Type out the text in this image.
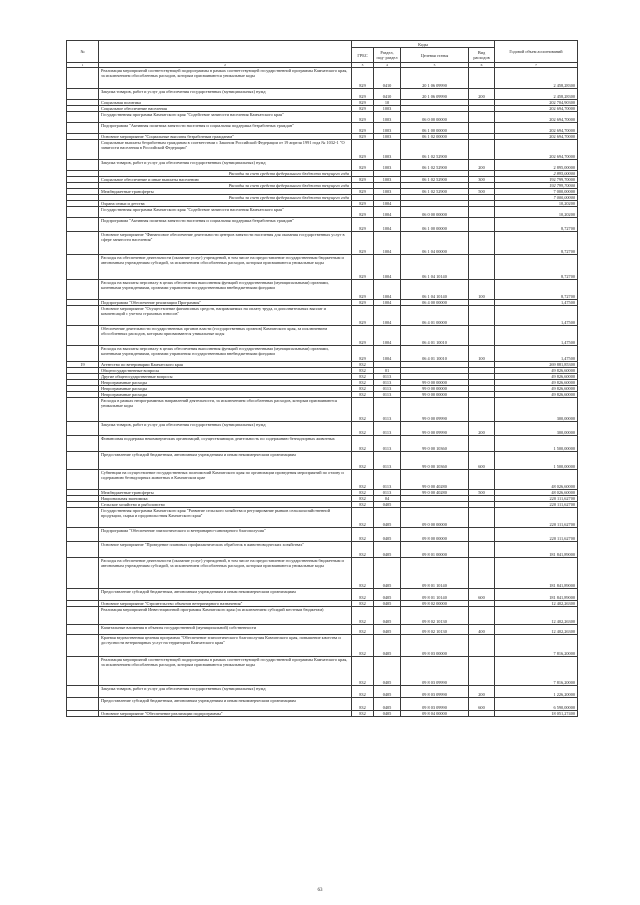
№		Коды				Годовой объем ассигнований
		ГРБС	Раздел, под- раздел	Целевая статья	Вид расходов	
1	2	3	4	5	6	7
	Реализация мероприятий соответствующей подпрограммы в рамках соответствующей государственной программы Камчатского края, за исключением обособленных расходов, которым присваиваются уникальные коды	829	0410	20 1 06 09990		2 458,28300
	Закупка товаров, работ и услуг для обеспечения государственных (муниципальных) нужд	829	0410	20 1 06 09990	200	2 458,28300
	Социальная политика	829	10			202 704,90300
	Социальное обеспечение населения	829	1003			202 694,70000
	Государственная программа Камчатского края "Содействие занятости населения Камчатского края"	829	1003	06 0 00 00000		202 694,70000
	Подпрограмма "Активная политика занятости населения и социальная поддержка безработных граждан"	829	1003	06 1 00 00000		202 694,70000
	Основное мероприятие "Социальные выплаты безработным гражданам"	829	1003	06 1 02 00000		202 694,70000
	Социальные выплаты безработным гражданам в соответствии с Законом Российской Федерации от 19 апреля 1991 года № 1032-1 "О занятости населения в Российской Федерации"	829	1003	06 1 02 52900		202 694,70000
	Закупка товаров, работ и услуг для обеспечения государственных (муниципальных) нужд	829	1003	06 1 02 52900	200	2 895,00000
	Расходы за счет средств федерального бюджета текущего года					2 895,00000
	Социальное обеспечение и иные выплаты населению	829	1003	06 1 02 52900	300	192 799,70000
	Расходы за счет средств федерального бюджета текущего года					192 799,70000
	Межбюджетные трансферты	829	1003	06 1 02 52900	500	7 000,00000
	Расходы за счет средств федерального бюджета текущего года					7 000,00000
	Охрана семьи и детства	829	1004			10,20200
	Государственная программа Камчатского края "Содействие занятости населения Камчатского края"	829	1004	06 0 00 00000		10,20200
	Подпрограмма "Активная политика занятости населения и социальная поддержка безработных граждан"	829	1004	06 1 00 00000		8,72700
	Основное мероприятие "Финансовое обеспечение деятельности центров занятости населения для оказания государственных услуг в сфере занятости населения"	829	1004	06 1 04 00000		8,72700
	Расходы на обеспечение деятельности (оказание услуг) учреждений, в том числе на предоставление государственным бюджетным и автономным учреждениям субсидий, за исключением обособленных расходов, которым присваиваются уникальные коды	829	1004	06 1 04 10140		8,72700
	Расходы на выплаты персоналу в целях обеспечения выполнения функций государственными (муниципальными) органами, казенными учреждениями, органами управления государственными внебюджетными фондами	829	1004	06 1 04 10140	100	8,72700
	Подпрограмма "Обеспечение реализации Программы"	829	1004	06 4 00 00000		1,47500
	Основное мероприятие "Осуществление финансовых средств, направляемых на оплату труда, и дополнительных выплат и компенсаций с учетом страховых взносов"	829	1004	06 4 01 00000		1,47500
	Обеспечение деятельности государственных органов власти (государственных органов) Камчатского края, за исключением обособленных расходов, которым присваиваются уникальные коды	829	1004	06 4 01 10010		1,47500
	Расходы на выплаты персоналу в целях обеспечения выполнения функций государственными (муниципальными) органами, казенными учреждениями, органами управления государственными внебюджетными фондами	829	1004	06 4 01 10010	100	1,47500
19	Агентство по ветеринарии Камчатского края	832				269 881,85300
	Общегосударственные вопросы	832	01			49 826,60000
	Другие общегосударственные вопросы	832	0113			49 826,60000
	Непрограммные расходы	832	0113	99 0 00 00000		49 826,60000
	Непрограммные расходы	832	0113	99 0 00 00000		49 826,60000
	Непрограммные расходы	832	0113	99 0 00 00000		49 826,60000
	Расходы в рамках непрограммных направлений деятельности, за исключением обособленных расходов, которым присваиваются уникальные коды	832	0113	99 0 00 09990		300,00000
	Закупка товаров, работ и услуг для обеспечения государственных (муниципальных) нужд	832	0113	99 0 00 09990	200	300,00000
	Финансовая поддержка некоммерческих организаций, осуществляющих деятельность по содержанию безнадзорных животных	832	0113	99 0 00 10360		1 500,00000
	Предоставление субсидий бюджетным, автономным учреждениям и иным некоммерческим организациям	832	0113	99 0 00 10360	600	1 500,00000
	Субвенции на осуществление государственных полномочий Камчатского края по организации проведения мероприятий по отлову и содержанию безнадзорных животных в Камчатском крае	832	0113	99 0 00 40280		48 026,60000
	Межбюджетные трансферты	832	0113	99 0 00 40280	500	48 026,60000
	Национальная экономика	832	04			220 111,62700
	Сельское хозяйство и рыболовство	832	0405			220 111,62700
	Государственная программа Камчатского края "Развитие сельского хозяйства и регулирование рынков сельскохозяйственной продукции, сырья и продовольствия Камчатского края"	832	0405	09 0 00 00000		220 111,62700
	Подпрограмма "Обеспечение эпизоотического и ветеринарно-санитарного благополучия"	832	0405	09 8 00 00000		220 111,62700
	Основное мероприятие "Проведение плановых профилактических обработок в животноводческих хозяйствах"	832	0405	09 8 01 00000		181 841,89000
	Расходы на обеспечение деятельности (оказание услуг) учреждений, в том числе на предоставление государственным бюджетным и автономным учреждениям субсидий, за исключением обособленных расходов, которым присваиваются уникальные коды	832	0405	09 8 01 10140		181 841,89000
	Предоставление субсидий бюджетным, автономным учреждениям и иным некоммерческим организациям	832	0405	09 8 01 10140	600	181 841,89000
	Основное мероприятие "Строительство объектов ветеринарного назначения"	832	0405	09 8 02 00000		12 402,26300
	Реализация мероприятий Инвестиционной программы Камчатского края (за исключением субсидий местным бюджетам)	832	0405	09 8 02 10130		12 402,26300
	Капитальные вложения в объекты государственной (муниципальной) собственности	832	0405	09 8 02 10130	400	12 402,26300
	Краевая ведомственная целевая программа "Обеспечение эпизоотического благополучия Камчатского края, повышение качества и доступности ветеринарных услуг на территории Камчатского края"	832	0405	09 8 03 00000		7 816,20000
	Реализация мероприятий соответствующей подпрограммы в рамках соответствующей государственной программы Камчатского края, за исключением обособленных расходов, которым присваиваются уникальные коды	832	0405	09 8 03 09990		7 816,20000
	Закупка товаров, работ и услуг для обеспечения государственных (муниципальных) нужд	832	0405	09 8 03 09990	200	1 226,20000
	Предоставление субсидий бюджетным, автономным учреждениям и иным некоммерческим организациям	832	0405	09 8 03 09990	600	6 590,00000
	Основное мероприятие "Обеспечение реализации подпрограммы"	832	0405	09 8 04 00000		18 051,27400
63
